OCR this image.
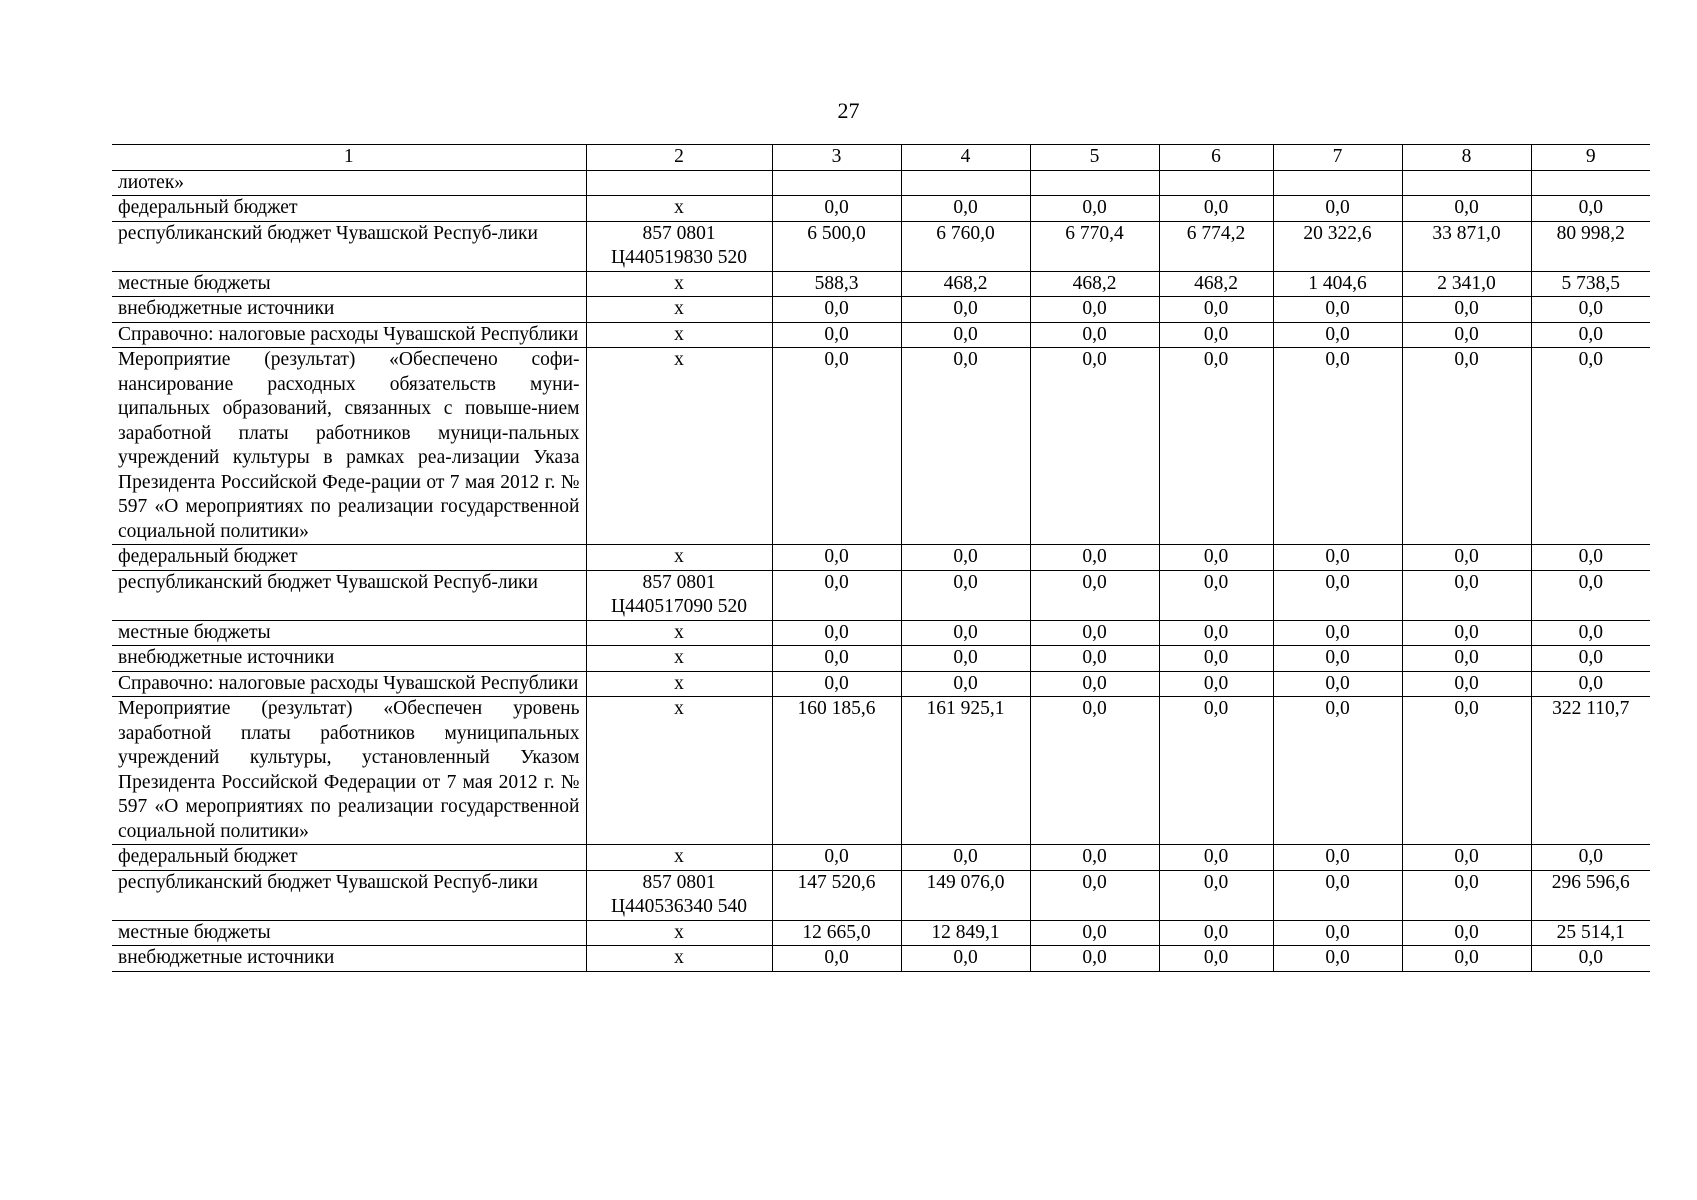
27
1	2	3	4	5	6	7	8	9
лиотек»								
федеральный бюджет	х	0,0	0,0	0,0	0,0	0,0	0,0	0,0
республиканский бюджет Чувашской Респуб-лики	857 0801 Ц440519830 520	6 500,0	6 760,0	6 770,4	6 774,2	20 322,6	33 871,0	80 998,2
местные бюджеты	х	588,3	468,2	468,2	468,2	1 404,6	2 341,0	5 738,5
внебюджетные источники	х	0,0	0,0	0,0	0,0	0,0	0,0	0,0
Справочно: налоговые расходы Чувашской Республики	х	0,0	0,0	0,0	0,0	0,0	0,0	0,0
Мероприятие (результат) «Обеспечено софи-нансирование расходных обязательств муни-ципальных образований, связанных с повыше-нием заработной платы работников муници-пальных учреждений культуры в рамках реа-лизации Указа Президента Российской Феде-рации от 7 мая 2012 г. № 597 «О мероприятиях по реализации государственной социальной политики»	х	0,0	0,0	0,0	0,0	0,0	0,0	0,0
федеральный бюджет	х	0,0	0,0	0,0	0,0	0,0	0,0	0,0
республиканский бюджет Чувашской Респуб-лики	857 0801 Ц440517090 520	0,0	0,0	0,0	0,0	0,0	0,0	0,0
местные бюджеты	х	0,0	0,0	0,0	0,0	0,0	0,0	0,0
внебюджетные источники	х	0,0	0,0	0,0	0,0	0,0	0,0	0,0
Справочно: налоговые расходы Чувашской Республики	х	0,0	0,0	0,0	0,0	0,0	0,0	0,0
Мероприятие (результат) «Обеспечен уровень заработной платы работников муниципальных учреждений культуры, установленный Указом Президента Российской Федерации от 7 мая 2012 г. № 597 «О мероприятиях по реализации государственной социальной политики»	х	160 185,6	161 925,1	0,0	0,0	0,0	0,0	322 110,7
федеральный бюджет	х	0,0	0,0	0,0	0,0	0,0	0,0	0,0
республиканский бюджет Чувашской Респуб-лики	857 0801 Ц440536340 540	147 520,6	149 076,0	0,0	0,0	0,0	0,0	296 596,6
местные бюджеты	х	12 665,0	12 849,1	0,0	0,0	0,0	0,0	25 514,1
внебюджетные источники	х	0,0	0,0	0,0	0,0	0,0	0,0	0,0
